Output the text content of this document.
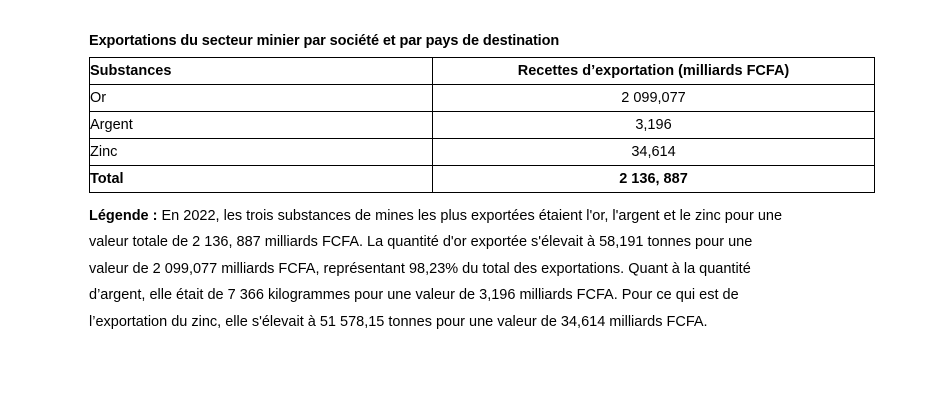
Exportations du secteur minier par société et par pays de destination
Substances	Recettes d’exportation (milliards FCFA)
Or	2 099,077
Argent	3,196
Zinc	34,614
Total	2 136, 887
Légende : En 2022, les trois substances de mines les plus exportées étaient l'or, l'argent et le zinc pour une valeur totale de 2 136, 887 milliards FCFA. La quantité d'or exportée s'élevait à 58,191 tonnes pour une valeur de 2 099,077 milliards FCFA, représentant 98,23% du total des exportations. Quant à la quantité d’argent, elle était de 7 366 kilogrammes pour une valeur de 3,196 milliards FCFA. Pour ce qui est de l’exportation du zinc, elle s'élevait à 51 578,15 tonnes pour une valeur de 34,614 milliards FCFA.
